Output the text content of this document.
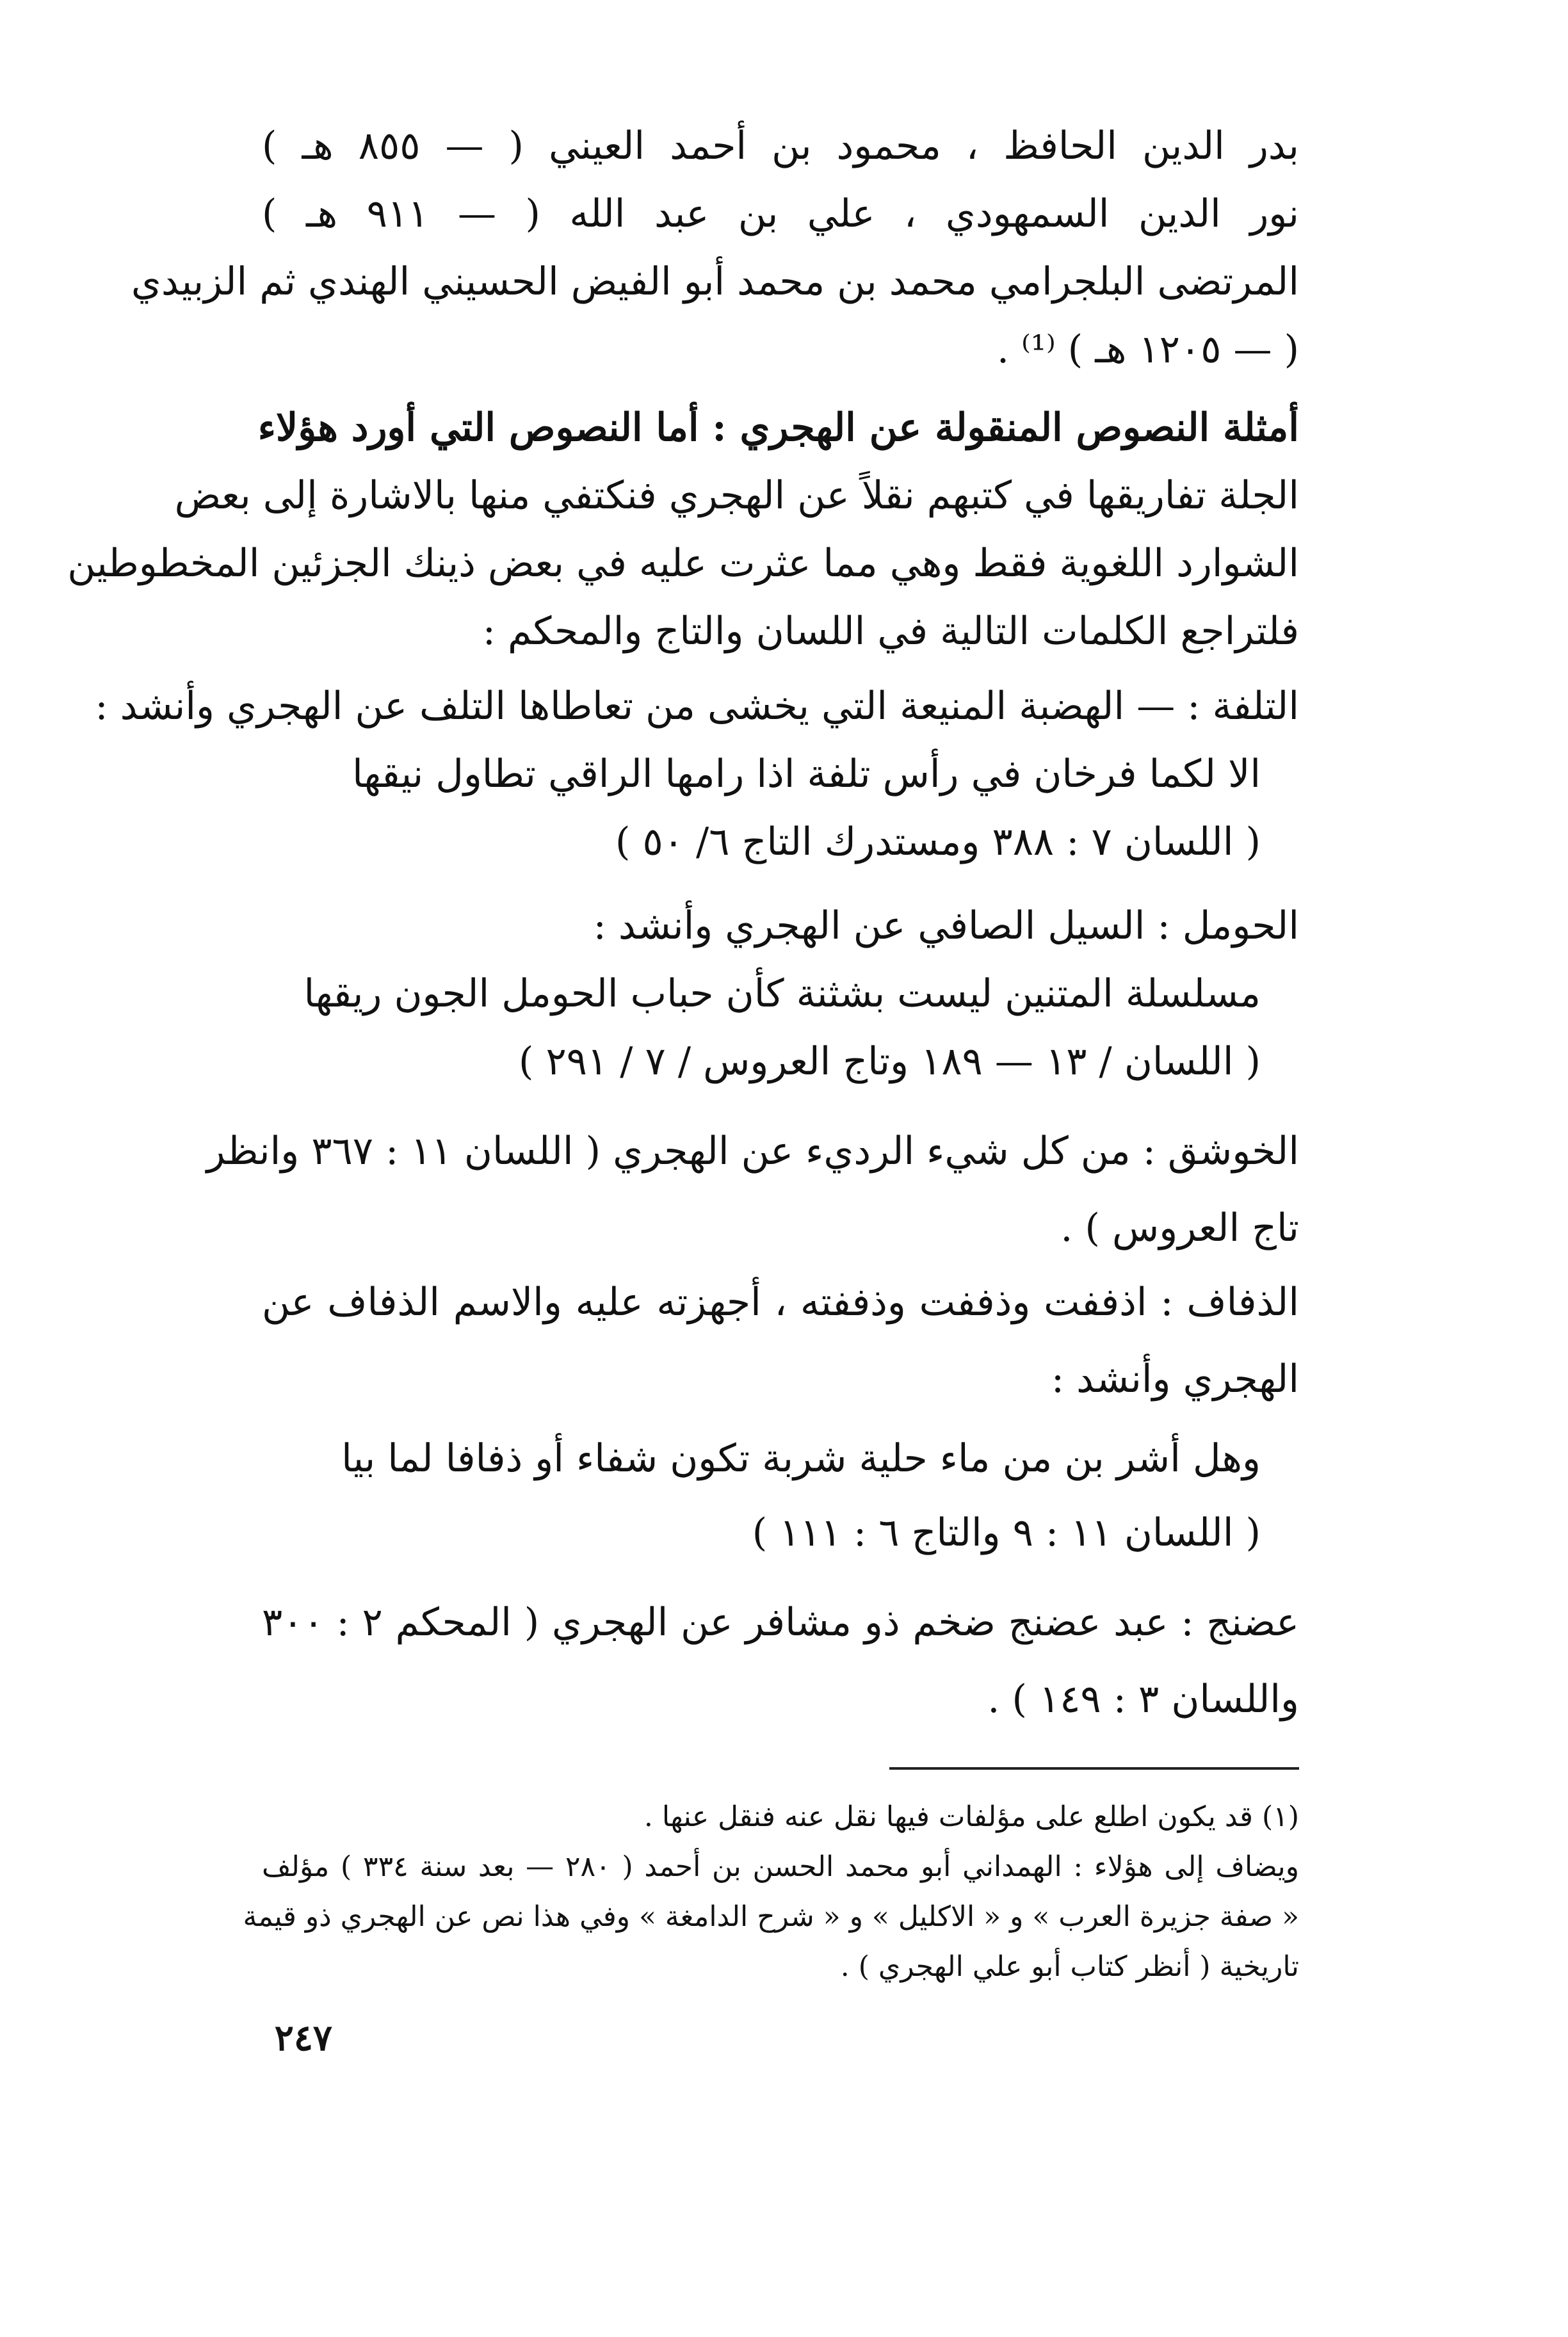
بدر الدين الحافظ ، محمود بن أحمد العيني ( — ٨٥٥ هـ )
نور الدين السمهودي ، علي بن عبد الله ( — ٩١١ هـ )
المرتضى البلجرامي محمد بن محمد أبو الفيض الحسيني الهندي ثم الزبيدي
( — ١٢٠٥ هـ ) ⁽¹⁾ .
أمثلة النصوص المنقولة عن الهجري : أما النصوص التي أورد هؤلاء
الجلة تفاريقها في كتبهم نقلاً عن الهجري فنكتفي منها بالاشارة إلى بعض
الشوارد اللغوية فقط وهي مما عثرت عليه في بعض ذينك الجزئين المخطوطين
فلتراجع الكلمات التالية في اللسان والتاج والمحكم :
التلفة : — الهضبة المنيعة التي يخشى من تعاطاها التلف عن الهجري وأنشد :
الا لكما فرخان في رأس تلفة اذا رامها الراقي تطاول نيقها
( اللسان ٧ : ٣٨٨ ومستدرك التاج ٦/ ٥٠ )
الحومل : السيل الصافي عن الهجري وأنشد :
مسلسلة المتنين ليست بشثنة كأن حباب الحومل الجون ريقها
( اللسان / ١٣ — ١٨٩ وتاج العروس / ٧ / ٢٩١ )
الخوشق : من كل شيء الرديء عن الهجري ( اللسان ١١ : ٣٦٧ وانظر
تاج العروس ) .
الذفاف : اذففت وذففت وذففته ، أجهزته عليه والاسم الذفاف عن
الهجري وأنشد :
وهل أشر بن من ماء حلية شربة تكون شفاء أو ذفافا لما بيا
( اللسان ١١ : ٩ والتاج ٦ : ١١١ )
عضنج : عبد عضنج ضخم ذو مشافر عن الهجري ( المحكم ٢ : ٣٠٠
واللسان ٣ : ١٤٩ ) .
(١) قد يكون اطلع على مؤلفات فيها نقل عنه فنقل عنها .
ويضاف إلى هؤلاء : الهمداني أبو محمد الحسن بن أحمد ( ٢٨٠ — بعد سنة ٣٣٤ ) مؤلف
« صفة جزيرة العرب » و « الاكليل » و « شرح الدامغة » وفي هذا نص عن الهجري ذو قيمة
تاريخية ( أنظر كتاب أبو علي الهجري ) .
٢٤٧
